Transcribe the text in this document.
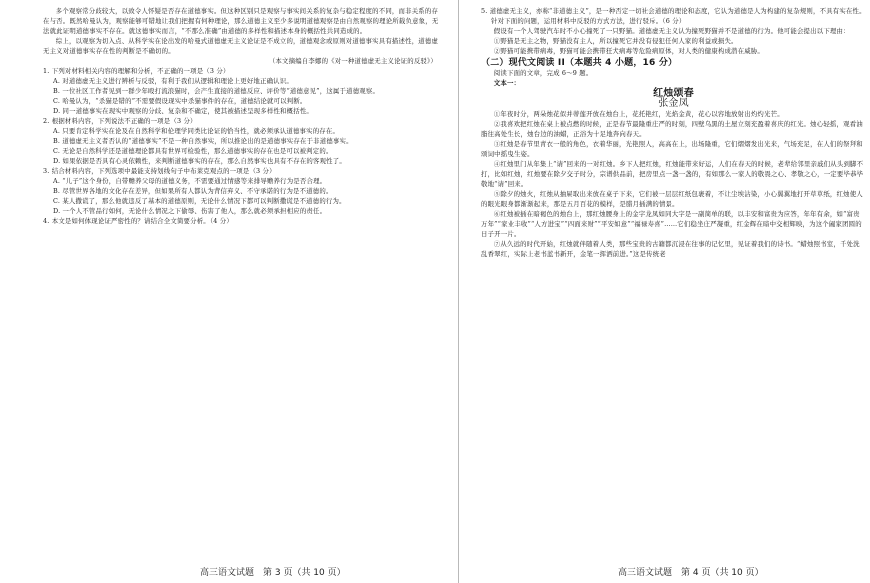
多个观察常分歧较大，以致令人怀疑是否存在道德事实。但这种区别只是观察与事实间关系的复杂与稳定程度的不同，而非关系的存在与否。既然哈曼认为，观察能够可错地让我们把握有何种理论，那么道德主义至少多说明道德观察是由自然观察的理论所载负意象，无法就此证明道德事实不存在。就这德事实而言，“不那么准确”由道德的多样性和描述本身的概括性共同造成的。

综上，以观察为切入点、从科学实在论出发的哈曼式道德虚无主义论证是不成立的，道德观念或原则对道德事实具有描述性，道德虚无主义对道德事实存在性的判断是不确切的。

（本文摘编自李娜的《对一种道德虚无主义论证的反驳》）

1. 下列对材料相关内容的理解和分析，不正确的一项是（3 分）

A. 对道德虚无主义进行辨析与反驳，有利于我们从逻辑和理论上更好地正确认识。

B. 一位社区工作者见到一群少年殴打流浪猫时，会产生直接的道德反应、评价等“道德意见”，这属于道德观察。

C. 哈曼认为，“杀猫是错的”不需要假设现实中杀猫事件的存在，道德结论就可以判断。

D. 同一道德事实在现实中观察的分歧、复杂和不确定，使其被描述呈现多样性和概括性。

2. 根据材料内容，下列说法不正确的一项是（3 分）

A. 只要肯定科学实在论及在自然科学和伦理学同类比论证的恰当性，就必须承认道德事实的存在。

B. 道德虚无主义者否认的“道德事实”不是一种自然事实，所以推论出的是道德事实存在于非道德事实。

C. 无论是自然科学还是道德理论都具有世界可检验性，那么道德事实的存在也是可以被判定的。

D. 如果依据是否具有心灵依赖性，来判断道德事实的存在，那么自然事实也具有不存在的客观性了。

3. 结合材料内容，下列选项中最能支持划线句子中布莱克观点的一项是（3 分）

A. “儿子”这个身份，自带赡养父母的道德义务，不需要通过情感等来排导赡养行为是否合理。

B. 尽管世界各地的文化存在差异，但如果所有人都认为背信弃义、不守承诺的行为是不道德的。

C. 某人撒谎了，那么他就违反了基本的道德原则，无论什么情况下都可以判断撒谎是不道德的行为。

D. 一个人不管品行如何，无论什么情况之下偷辱、伤害了他人，那么就必须承担相应的责任。

4. 本文是如何体现论证严密性的？请结合全文简要分析。（4 分）

5. 道德虚无主义，亦称“非道德主义”，是一种否定一切社会道德的理论和态度，它认为道德是人为构建的复杂规则，不具有实在性。针对下面的问题，运用材料中反驳的方式方法，进行驳斥。（6 分）

假设有一个人驾驶汽车时不小心撞死了一只野猫。道德虚无主义认为撞死野猫并不是道德的行为。他可能会提出以下理由：

①野猫是无主之物，野猫没有主人，所以撞死它并没有侵犯任何人家的利益或损失。

②野猫可能携带病毒，野猫可能会携带狂犬病毒等危险病原体，对人类的健康构成潜在威胁。

（二）现代文阅读 II（本题共 4 小题，16 分）

阅读下面的文章，完成 6～9 题。

文本一：

红烛颂春

张金凤

①年夜时分，两朵烛花似并蒂莲开放在烛台上，花托艳红，光焰金黄，花心以容地放射出灼灼光芒。

②我喜欢把红烛在桌上被点燃的时候，正是春节最隆重庄严的时刻，四壁乌黑的土屋立刻充盈着喜庆的红光。烛心轻摇，观看油脂往高处生长，烛台边的油蜡，正浴为十足地奔向春天。

③红烛是春节里青衣一般的角色，衣着华丽，光艳照人，高高在上，出场隆重，它们熠熠发出光来，气场充足，在人们的祭拜和颂词中摇曳生姿。

④红烛里门从年集上“请”回来的一对红烛。乡下人把红烛，红烛能带来好运，人们在春天的时候，老辈给邻里亲戚们从头到脚不打，比如红烛，红烛要在除夕交子时分，宗谱供品前，把房里点一盏一盏的，有如那么一家人的敬畏之心、孝敬之心，一定要毕恭毕敬地“请”回来。

⑤除夕的烛火，红烛从抽屉取出来放在桌子下来，它们被一层层红纸包裹着，不让尘埃沾染，小心翼翼地打开草草纸，红烛使人的眼光眼身都渐渐起来，那是五月百花的模样，是腊月插满的情景。

⑥红烛被插在暗褐色的烛台上，那红烛腰身上的金字龙凤如同大字是一副简单的联，以丰安和富贵为应答，年年有余，如“富贵万年”“家业丰收”“人方进宝”“四面来财”“平安如意”“福禄寿喜”……它们稳坐庄严凝重，红金辉在暗中交相辉映，为这个阖家团圆的日子开一片。

⑦从久远的时代开始，红烛就伴随着人类，那些宝贵的古籍都沉浸在往事的记忆里，见证着我们的诗书。“蜡烛照书室，千处洗乱香翠红，实际上老书蓝书新开，金笔一挥洒前进。”这是传统老

高三语文试题　第 3 页（共 10 页）	高三语文试题　第 4 页（共 10 页）
